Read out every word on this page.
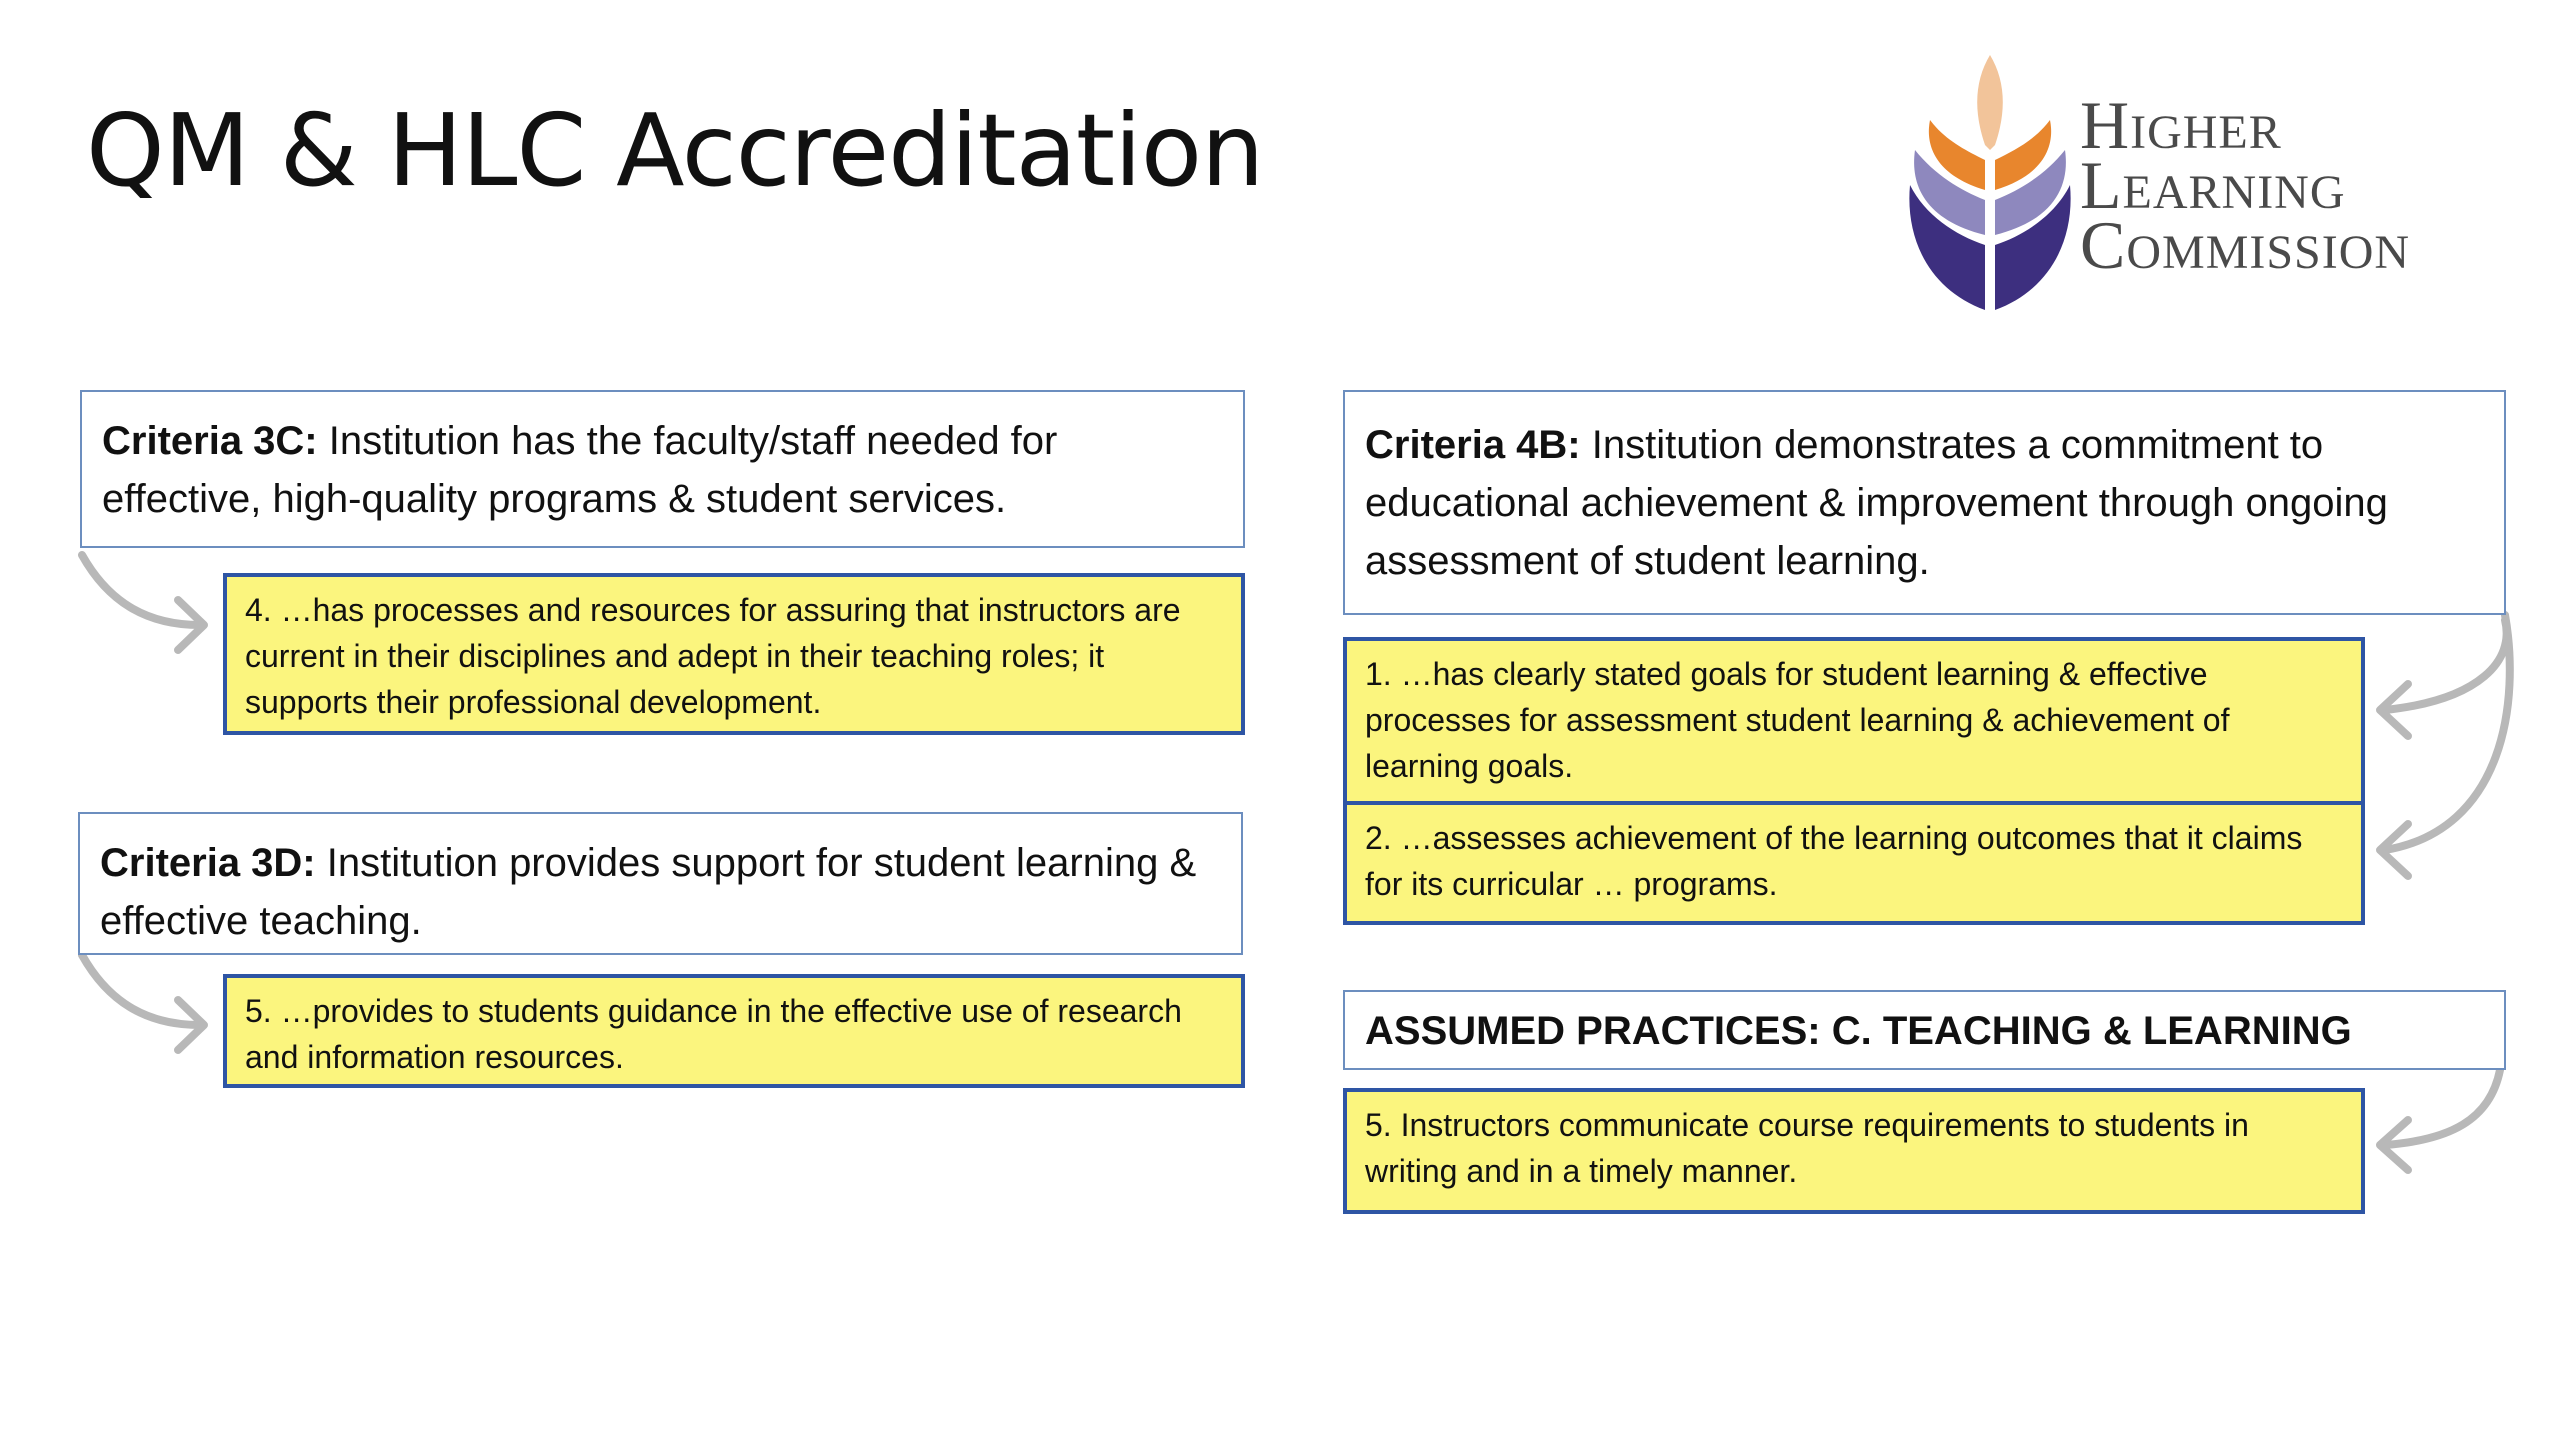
QM & HLC Accreditation	Higher
Learning
Commission
Criteria 3C: Institution has the faculty/staff needed for effective, high-quality programs & student services.
4. …has processes and resources for assuring that instructors are current in their disciplines and adept in their teaching roles; it supports their professional development.
Criteria 3D: Institution provides support for student learning & effective teaching.
5. …provides to students guidance in the effective use of research and information resources.
Criteria 4B: Institution demonstrates a commitment to educational achievement & improvement through ongoing assessment of student learning.
1. …has clearly stated goals for student learning & effective processes for assessment student learning & achievement of learning goals.
2. …assesses achievement of the learning outcomes that it claims for its curricular … programs.
ASSUMED PRACTICES: C. TEACHING & LEARNING
5. Instructors communicate course requirements to students in writing and in a timely manner.
